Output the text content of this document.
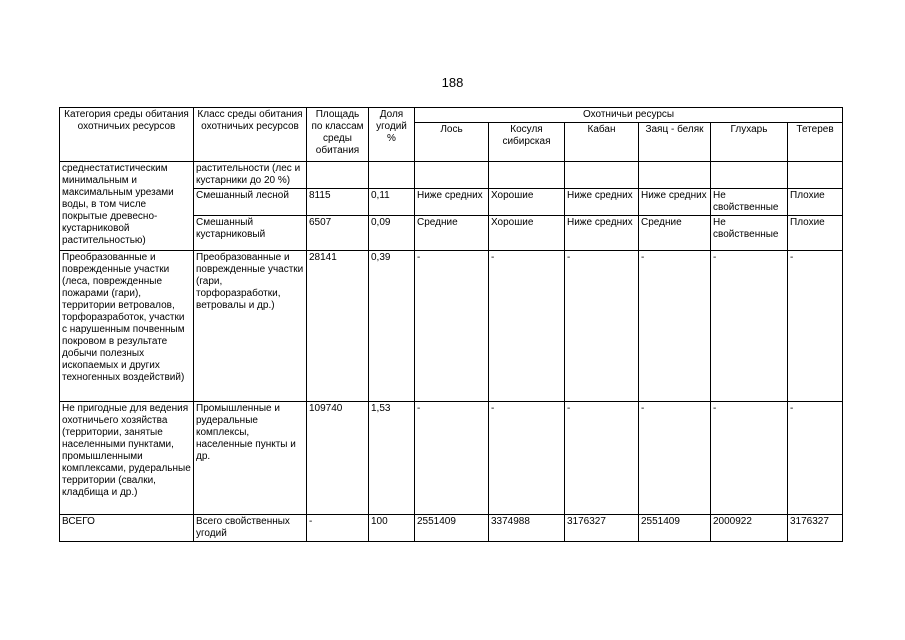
188
Категория среды обитания охотничьих ресурсов	Класс среды обитания охотничьих ресурсов	Площадь по классам среды обитания	Доля угодий %	Охотничьи ресурсы					
				Лось	Косуля сибирская	Кабан	Заяц - беляк	Глухарь	Тетерев
среднестатистическим минимальным и максимальным урезами воды, в том числе покрытые древесно-кустарниковой растительностью)	растительности (лес и кустарники до 20 %)								
	Смешанный лесной	8115	0,11	Ниже средних	Хорошие	Ниже средних	Ниже средних	Не свойственные	Плохие
	Смешанный кустарниковый	6507	0,09	Средние	Хорошие	Ниже средних	Средние	Не свойственные	Плохие
Преобразованные и поврежденные участки (леса, поврежденные пожарами (гари), территории ветровалов, торфоразработок, участки с нарушенным почвенным покровом в результате добычи полезных ископаемых и других техногенных воздействий)	Преобразованные и поврежденные участки (гари, торфоразработки, ветровалы и др.)	28141	0,39	-	-	-	-	-	-
Не пригодные для ведения охотничьего хозяйства (территории, занятые населенными пунктами, промышленными комплексами, рудеральные территории (свалки, кладбища и др.)	Промышленные и рудеральные комплексы, населенные пункты и др.	109740	1,53	-	-	-	-	-	-
ВСЕГО	Всего свойственных угодий	-	100	2551409	3374988	3176327	2551409	2000922	3176327
